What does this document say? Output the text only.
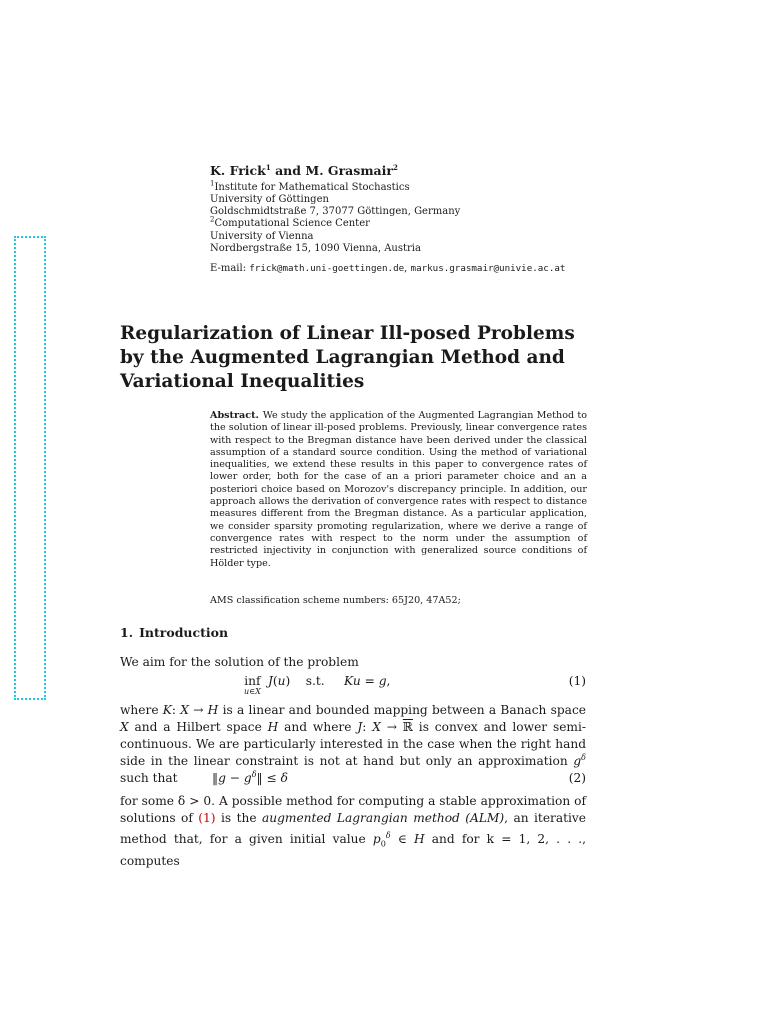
K. Frick$^1$ and M. Grasmair$^2$
$^1$Institute for Mathematical Stochastics
University of Göttingen
Goldschmidtstraße 7, 37077 Göttingen, Germany
$^2$Computational Science Center
University of Vienna
Nordbergstraße 15, 1090 Vienna, Austria
E-mail: frick@math.uni-goettingen.de, markus.grasmair@univie.ac.at
Regularization of Linear Ill-posed Problems by the Augmented Lagrangian Method and Variational Inequalities
Abstract. We study the application of the Augmented Lagrangian Method to the solution of linear ill-posed problems. Previously, linear convergence rates with respect to the Bregman distance have been derived under the classical assumption of a standard source condition. Using the method of variational inequalities, we extend these results in this paper to convergence rates of lower order, both for the case of an a priori parameter choice and an a posteriori choice based on Morozov's discrepancy principle. In addition, our approach allows the derivation of convergence rates with respect to distance measures different from the Bregman distance. As a particular application, we consider sparsity promoting regularization, where we derive a range of convergence rates with respect to the norm under the assumption of restricted injectivity in conjunction with generalized source conditions of Hölder type.
AMS classification scheme numbers: 65J20, 47A52;
1. Introduction
We aim for the solution of the problem
inf
u∈X
J(u)    s.t.     Ku = g,	(1)
where K: X → H is a linear and bounded mapping between a Banach space X and a Hilbert space H and where J: X → ℝ is convex and lower semi-continuous. We are particularly interested in the case when the right hand side in the linear constraint is not at hand but only an approximation $g^\delta$ such that	‖g − $g^\delta‖ \le \delta$	(2)
for some δ > 0. A possible method for computing a stable approximation of solutions of (1) is the augmented Lagrangian method (ALM), an iterative method that, for a given initial value $p_0^\delta$ ∈ H and for k = 1, 2, . . ., computes
